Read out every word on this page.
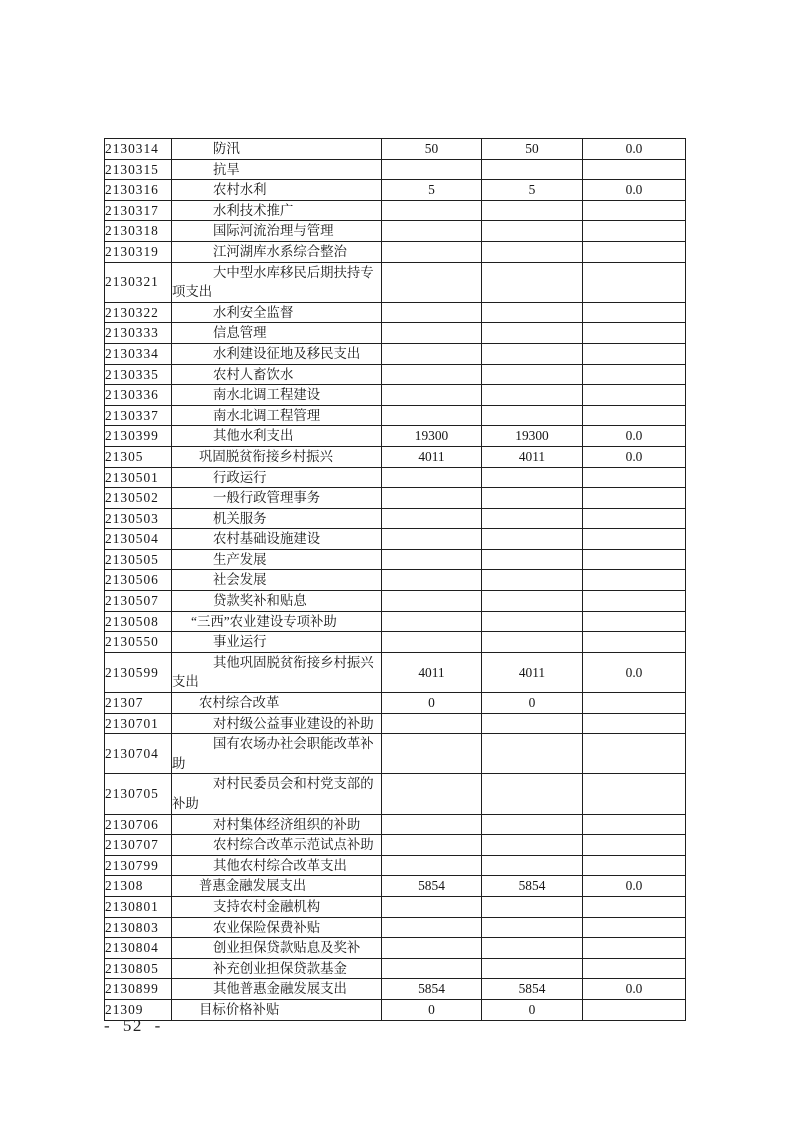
2130314	防汛	50	50	0.0
2130315	抗旱			
2130316	农村水利	5	5	0.0
2130317	水利技术推广			
2130318	国际河流治理与管理			
2130319	江河湖库水系综合整治			
2130321	大中型水库移民后期扶持专项支出			
2130322	水利安全监督			
2130333	信息管理			
2130334	水利建设征地及移民支出			
2130335	农村人畜饮水			
2130336	南水北调工程建设			
2130337	南水北调工程管理			
2130399	其他水利支出	19300	19300	0.0
21305	巩固脱贫衔接乡村振兴	4011	4011	0.0
2130501	行政运行			
2130502	一般行政管理事务			
2130503	机关服务			
2130504	农村基础设施建设			
2130505	生产发展			
2130506	社会发展			
2130507	贷款奖补和贴息			
2130508	“三西”农业建设专项补助			
2130550	事业运行			
2130599	其他巩固脱贫衔接乡村振兴支出	4011	4011	0.0
21307	农村综合改革	0	0	
2130701	对村级公益事业建设的补助			
2130704	国有农场办社会职能改革补助			
2130705	对村民委员会和村党支部的补助			
2130706	对村集体经济组织的补助			
2130707	农村综合改革示范试点补助			
2130799	其他农村综合改革支出			
21308	普惠金融发展支出	5854	5854	0.0
2130801	支持农村金融机构			
2130803	农业保险保费补贴			
2130804	创业担保贷款贴息及奖补			
2130805	补充创业担保贷款基金			
2130899	其他普惠金融发展支出	5854	5854	0.0
21309	目标价格补贴	0	0	
- 52 -
